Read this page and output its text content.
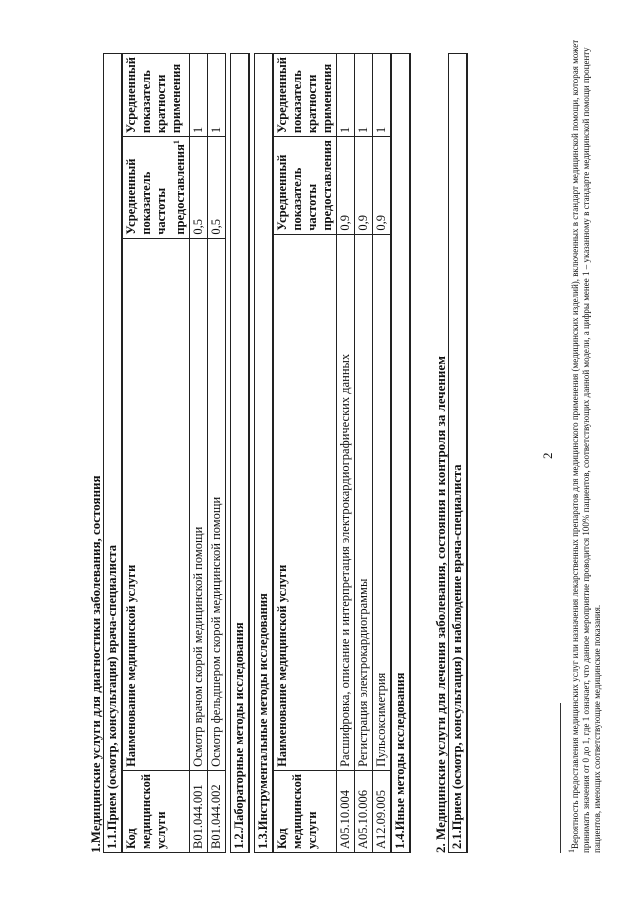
1.Медицинские услуги для диагностики заболевания, состояния 1.1.Прием (осмотр, консультация) врача-специалиста			
Код медицинской услуги	Наименование медицинской услуги	Усредненный показатель частоты предоставления$^1$	Усредненный показатель кратности применения
B01.044.001	Осмотр врачом скорой медицинской помощи	0,5	1
B01.044.002	Осмотр фельдшером скорой медицинской помощи	0,5	1
1.2.Лабораторные методы исследования 1.3.Инструментальные методы исследования			
Код медицинской услуги	Наименование медицинской услуги	Усредненный показатель частоты предоставления	Усредненный показатель кратности применения
A05.10.004	Расшифровка, описание и интерпретация электрокардиографических данных	0,9	1
A05.10.006	Регистрация электрокардиограммы	0,9	1
A12.09.005	Пульсоксиметрия	0,9	1
1.4.Иные методы исследования 2. Медицинские услуги для лечения заболевания, состояния и контроля за лечением 2.1.Прием (осмотр, консультация) и наблюдение врача-специалиста
2
$^1$Вероятность предоставления медицинских услуг или назначения лекарственных препаратов для медицинского применения (медицинских изделий), включенных в стандарт медицинской помощи, которая может принимать значения от 0 до 1, где 1 означает, что данное мероприятие проводится 100% пациентов, соответствующих данной модели, а цифры менее 1 – указанному в стандарте медицинской помощи проценту пациентов, имеющих соответствующие медицинские показания.
